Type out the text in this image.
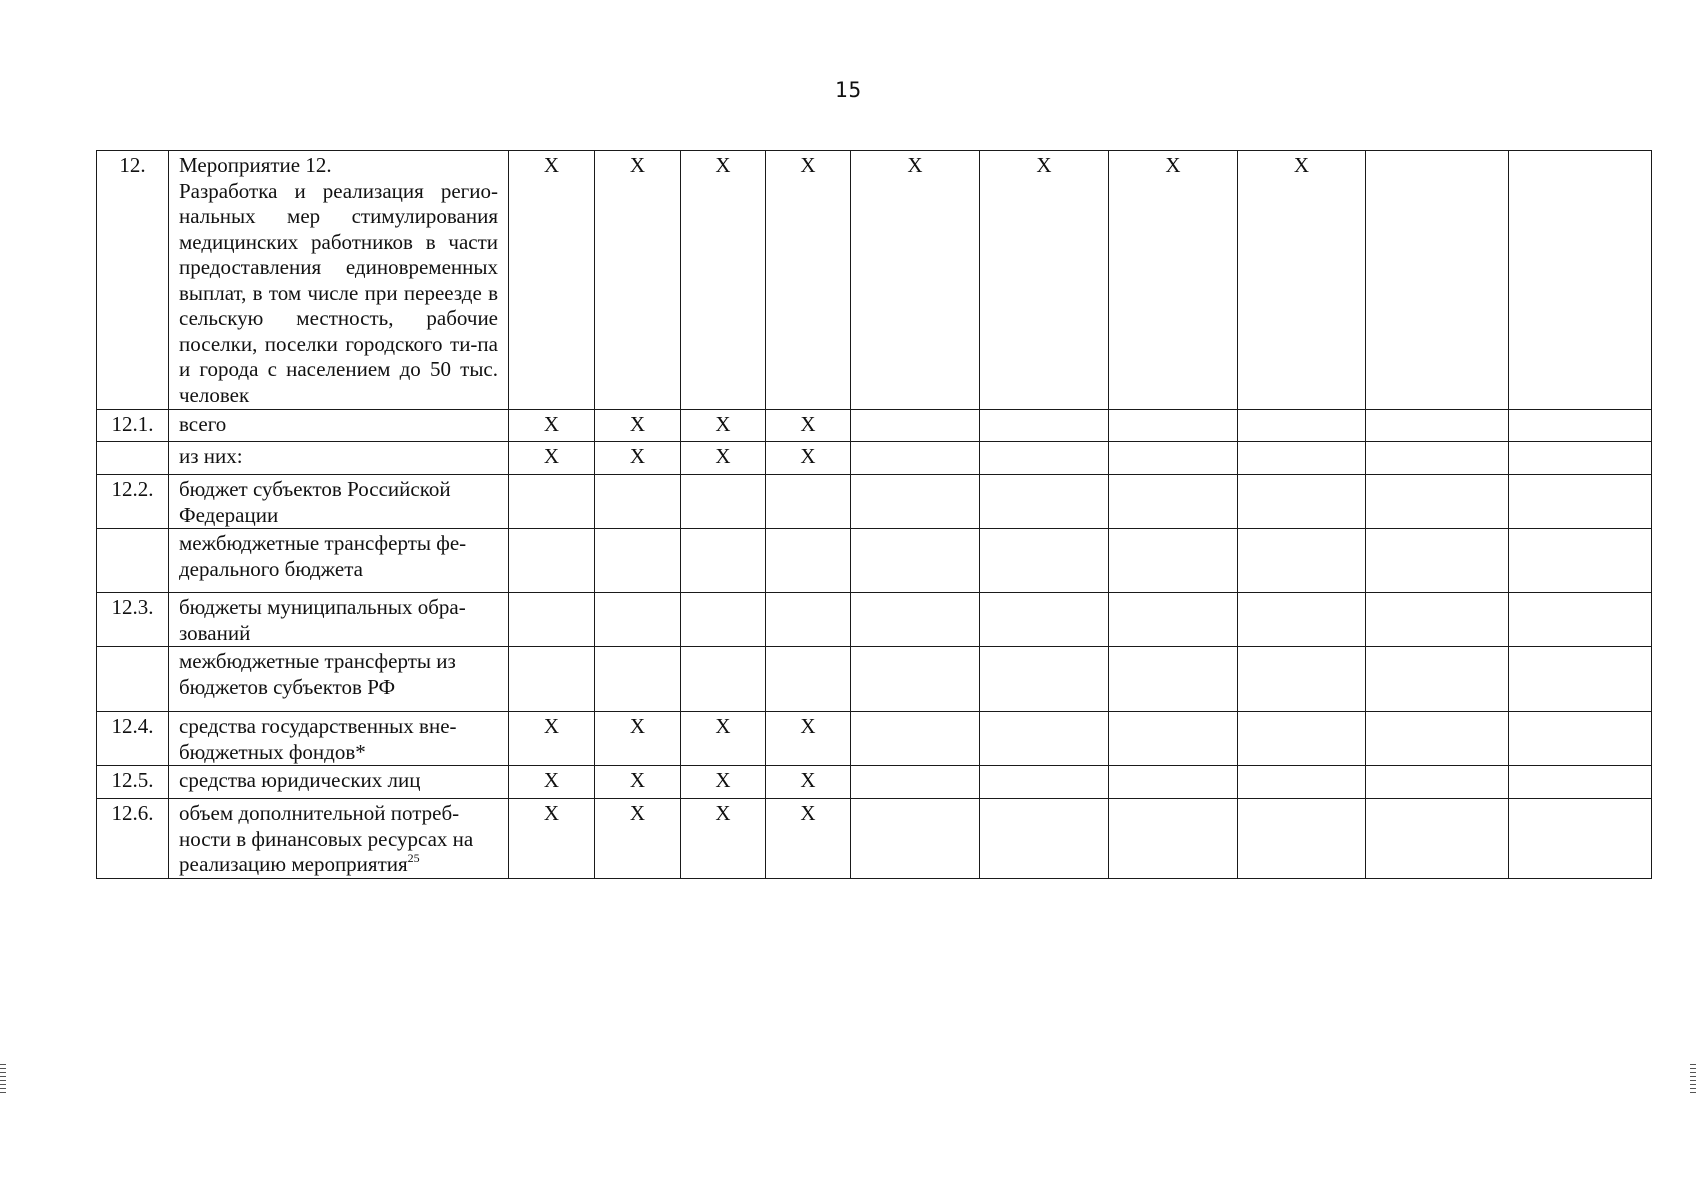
15
12.	Мероприятие 12.
Разработка и реализация регио-нальных мер стимулирования медицинских работников в части предоставления единовременных выплат, в том числе при переезде в сельскую местность, рабочие поселки, поселки городского ти-па и города с населением до 50 тыс. человек	X	X	X	X	X	X	X	X		
12.1.	всего	X	X	X	X						
	из них:	X	X	X	X						
12.2.	бюджет субъектов Российской Федерации										
	межбюджетные трансферты фе-дерального бюджета										
12.3.	бюджеты муниципальных обра-зований										
	межбюджетные трансферты из бюджетов субъектов РФ										
12.4.	средства государственных вне-бюджетных фондов*	X	X	X	X						
12.5.	средства юридических лиц	X	X	X	X						
12.6.	объем дополнительной потреб-ности в финансовых ресурсах на реализацию мероприятия$^{25}$	X	X	X	X						
